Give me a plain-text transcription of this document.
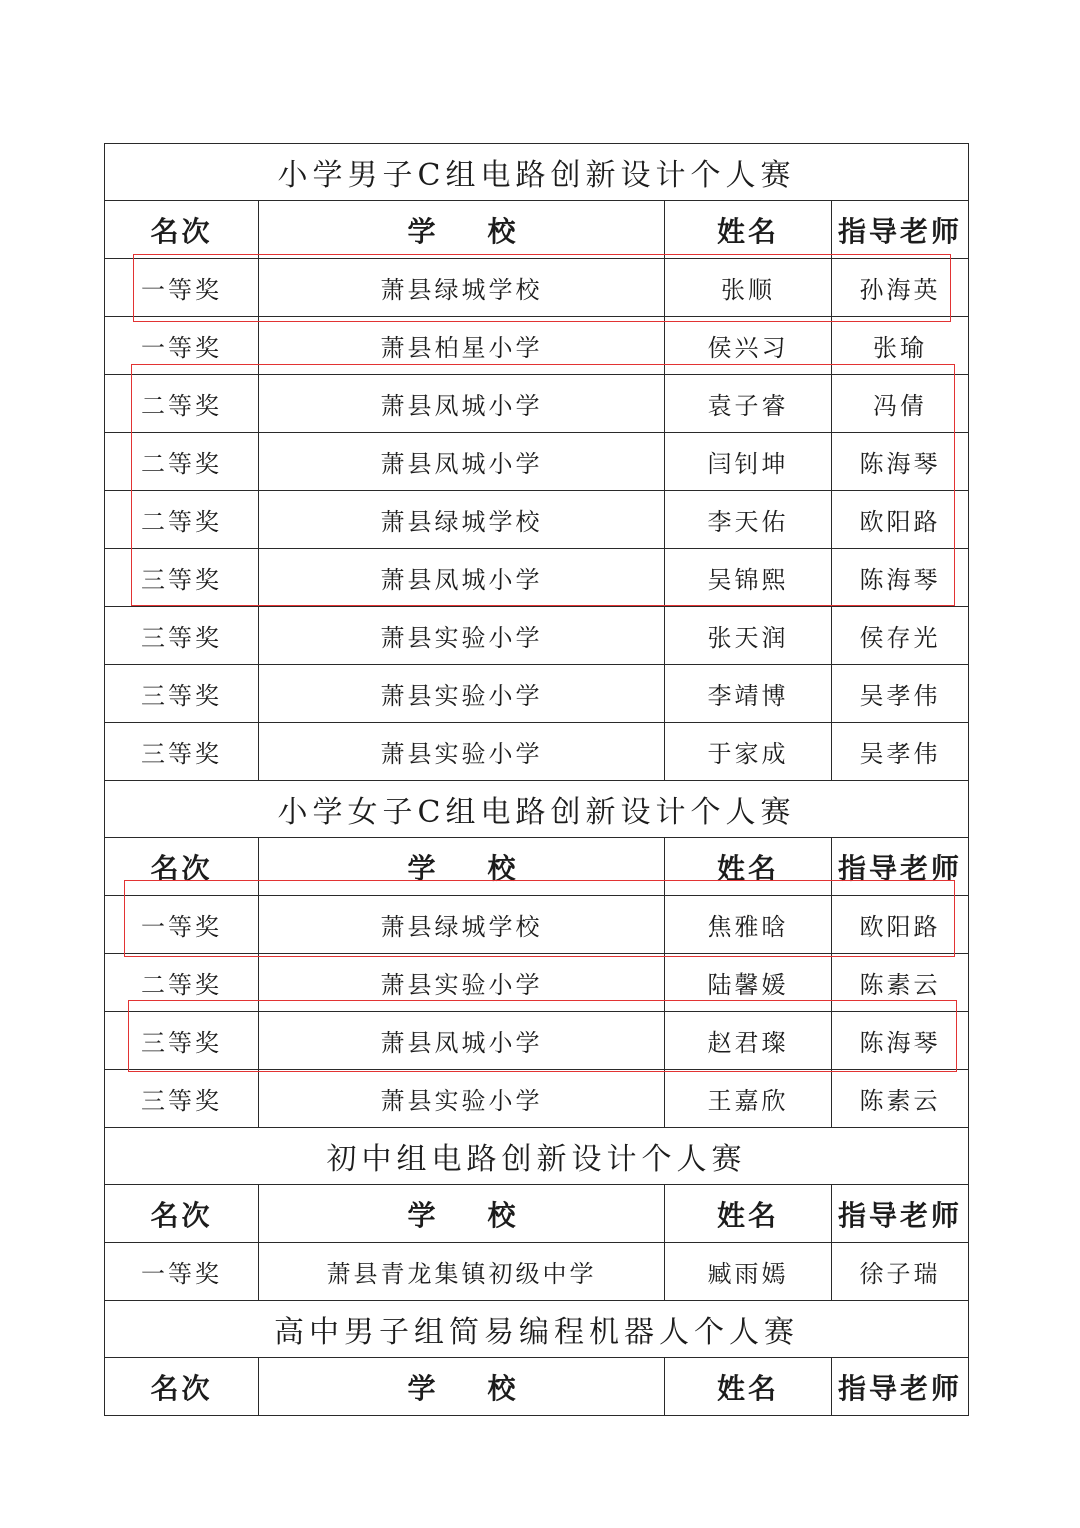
小学男子C组电路创新设计个人赛			
名次	学校	姓名	指导老师
一等奖	萧县绿城学校	张顺	孙海英
一等奖	萧县柏星小学	侯兴习	张瑜
二等奖	萧县凤城小学	袁子睿	冯倩
二等奖	萧县凤城小学	闫钊坤	陈海琴
二等奖	萧县绿城学校	李天佑	欧阳路
三等奖	萧县凤城小学	吴锦熙	陈海琴
三等奖	萧县实验小学	张天润	侯存光
三等奖	萧县实验小学	李靖博	吴孝伟
三等奖	萧县实验小学	于家成	吴孝伟
小学女子C组电路创新设计个人赛			
名次	学校	姓名	指导老师
一等奖	萧县绿城学校	焦雅晗	欧阳路
二等奖	萧县实验小学	陆馨媛	陈素云
三等奖	萧县凤城小学	赵君璨	陈海琴
三等奖	萧县实验小学	王嘉欣	陈素云
初中组电路创新设计个人赛			
名次	学校	姓名	指导老师
一等奖	萧县青龙集镇初级中学	臧雨嫣	徐子瑞
高中男子组简易编程机器人个人赛			
名次	学校	姓名	指导老师
